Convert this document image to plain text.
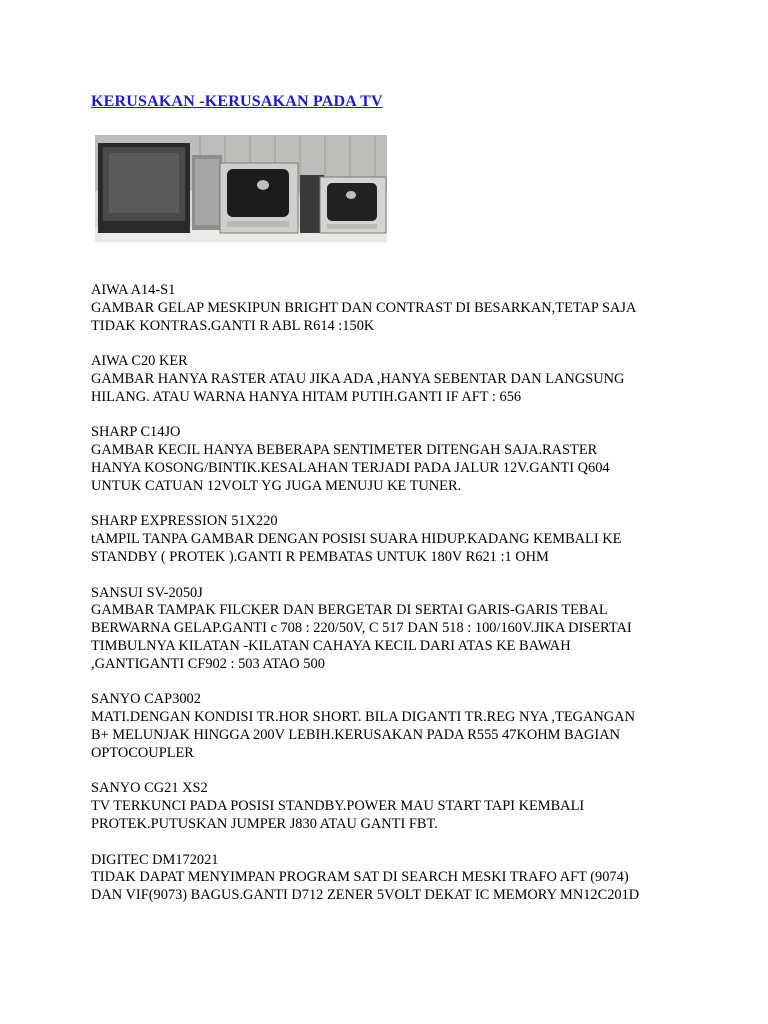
KERUSAKAN -KERUSAKAN PADA TV
AIWA A14-S1
GAMBAR GELAP MESKIPUN BRIGHT DAN CONTRAST DI BESARKAN,TETAP SAJA
TIDAK KONTRAS.GANTI R ABL R614 :150K
AIWA C20 KER
GAMBAR HANYA RASTER ATAU JIKA ADA ,HANYA SEBENTAR DAN LANGSUNG
HILANG. ATAU WARNA HANYA HITAM PUTIH.GANTI IF AFT : 656
SHARP C14JO
GAMBAR KECIL HANYA BEBERAPA SENTIMETER DITENGAH SAJA.RASTER
HANYA KOSONG/BINTIK.KESALAHAN TERJADI PADA JALUR 12V.GANTI Q604
UNTUK CATUAN 12VOLT YG JUGA MENUJU KE TUNER.
SHARP EXPRESSION 51X220
tAMPIL TANPA GAMBAR DENGAN POSISI SUARA HIDUP.KADANG KEMBALI KE
STANDBY ( PROTEK ).GANTI R PEMBATAS UNTUK 180V R621 :1 OHM
SANSUI SV-2050J
GAMBAR TAMPAK FILCKER DAN BERGETAR DI SERTAI GARIS-GARIS TEBAL
BERWARNA GELAP.GANTI c 708 : 220/50V, C 517 DAN 518 : 100/160V.JIKA DISERTAI
TIMBULNYA KILATAN -KILATAN CAHAYA KECIL DARI ATAS KE BAWAH
,GANTIGANTI CF902 : 503 ATAO 500
SANYO CAP3002
MATI.DENGAN KONDISI TR.HOR SHORT. BILA DIGANTI TR.REG NYA ,TEGANGAN
B+ MELUNJAK HINGGA 200V LEBIH.KERUSAKAN PADA R555 47KOHM BAGIAN
OPTOCOUPLER
SANYO CG21 XS2
TV TERKUNCI PADA POSISI STANDBY.POWER MAU START TAPI KEMBALI
PROTEK.PUTUSKAN JUMPER J830 ATAU GANTI FBT.
DIGITEC DM172021
TIDAK DAPAT MENYIMPAN PROGRAM SAT DI SEARCH MESKI TRAFO AFT (9074)
DAN VIF(9073) BAGUS.GANTI D712 ZENER 5VOLT DEKAT IC MEMORY MN12C201D
